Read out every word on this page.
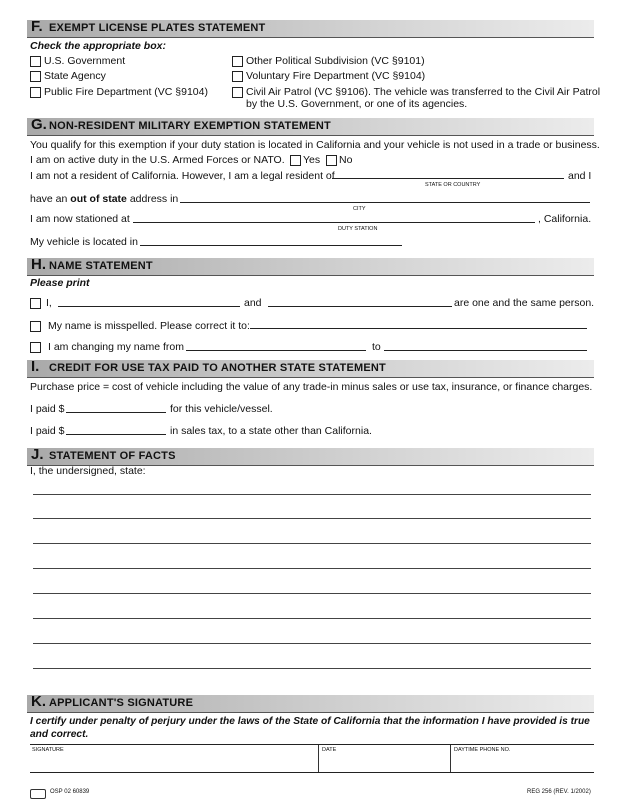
F. EXEMPT LICENSE PLATES STATEMENT
Check the appropriate box:
U.S. Government
State Agency
Public Fire Department (VC §9104)
Other Political Subdivision (VC §9101)
Voluntary Fire Department (VC §9104)
Civil Air Patrol (VC §9106). The vehicle was transferred to the Civil Air Patrol
by the U.S. Government, or one of its agencies.
G. NON-RESIDENT MILITARY EXEMPTION STATEMENT
You qualify for this exemption if your duty station is located in California and your vehicle is not used in a trade or business.
I am on active duty in the U.S. Armed Forces or NATO. Yes No
I am not a resident of California. However, I am a legal resident of	and I
STATE OR COUNTRY
have an out of state address in
CITY
I am now stationed at	, California.
DUTY STATION
My vehicle is located in
H. NAME STATEMENT
Please print
I,	and	are one and the same person.
My name is misspelled. Please correct it to:
I am changing my name from	to
I. CREDIT FOR USE TAX PAID TO ANOTHER STATE STATEMENT
Purchase price = cost of vehicle including the value of any trade-in minus sales or use tax, insurance, or finance charges.
I paid $	for this vehicle/vessel.
I paid $	in sales tax, to a state other than California.
J. STATEMENT OF FACTS
I, the undersigned, state:
K. APPLICANT'S SIGNATURE
I certify under penalty of perjury under the laws of the State of California that the information I have provided is true
and correct.
SIGNATURE	DATE	DAYTIME PHONE NO.
OSP 02 60839	REG 256 (REV. 1/2002)
